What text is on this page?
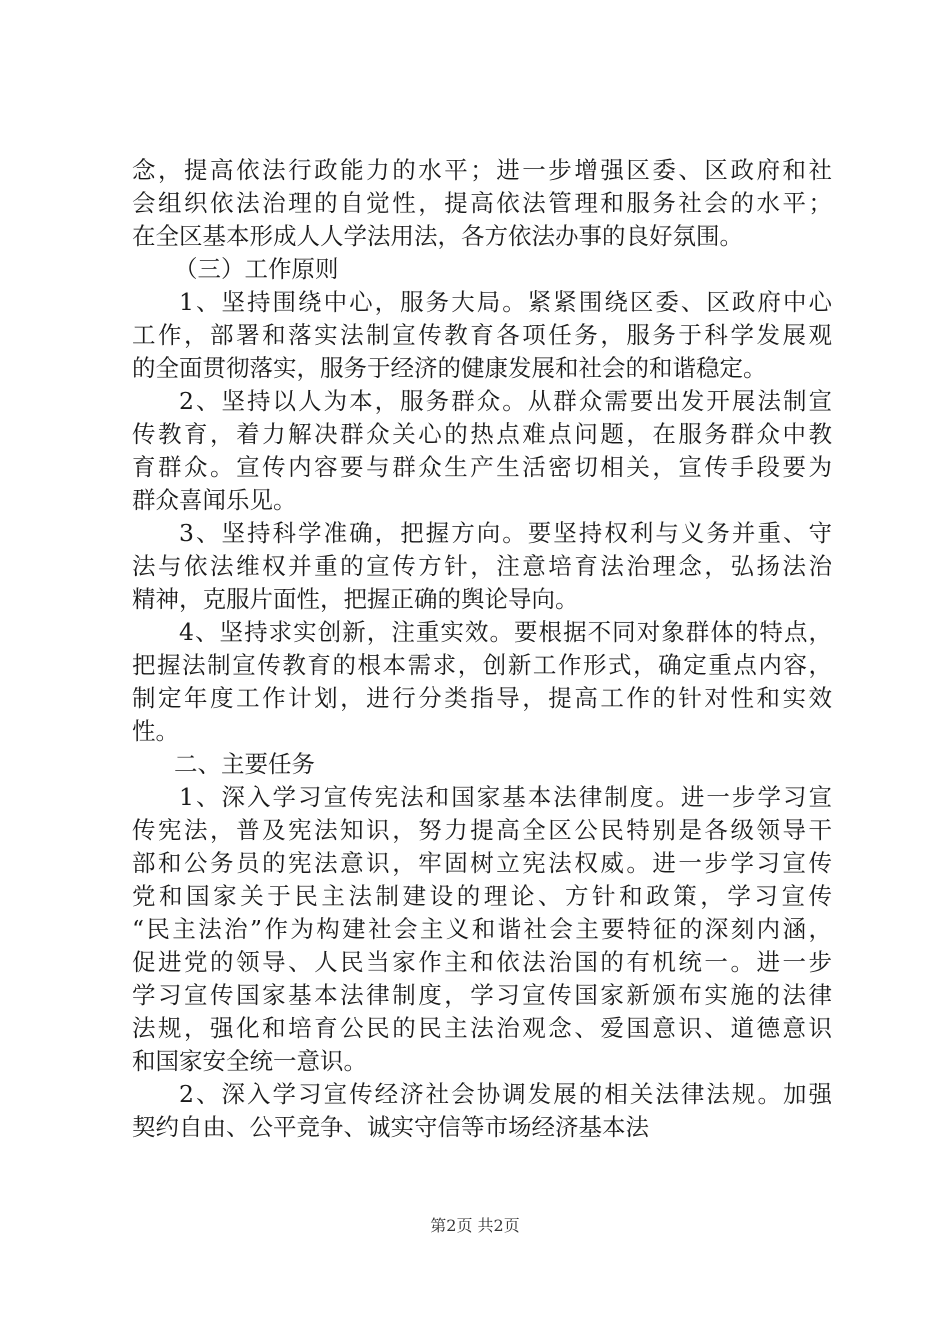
念，提高依法行政能力的水平；进一步增强区委、区政府和社
会组织依法治理的自觉性，提高依法管理和服务社会的水平；
在全区基本形成人人学法用法，各方依法办事的良好氛围。
（三）工作原则
1、坚持围绕中心，服务大局。紧紧围绕区委、区政府中心
工作，部署和落实法制宣传教育各项任务，服务于科学发展观
的全面贯彻落实，服务于经济的健康发展和社会的和谐稳定。
2、坚持以人为本，服务群众。从群众需要出发开展法制宣
传教育，着力解决群众关心的热点难点问题，在服务群众中教
育群众。宣传内容要与群众生产生活密切相关，宣传手段要为
群众喜闻乐见。
3、坚持科学准确，把握方向。要坚持权利与义务并重、守
法与依法维权并重的宣传方针，注意培育法治理念，弘扬法治
精神，克服片面性，把握正确的舆论导向。
4、坚持求实创新，注重实效。要根据不同对象群体的特点，
把握法制宣传教育的根本需求，创新工作形式，确定重点内容，
制定年度工作计划，进行分类指导，提高工作的针对性和实效
性。
二、主要任务
1、深入学习宣传宪法和国家基本法律制度。进一步学习宣
传宪法，普及宪法知识，努力提高全区公民特别是各级领导干
部和公务员的宪法意识，牢固树立宪法权威。进一步学习宣传
党和国家关于民主法制建设的理论、方针和政策，学习宣传
“民主法治”作为构建社会主义和谐社会主要特征的深刻内涵，
促进党的领导、人民当家作主和依法治国的有机统一。进一步
学习宣传国家基本法律制度，学习宣传国家新颁布实施的法律
法规，强化和培育公民的民主法治观念、爱国意识、道德意识
和国家安全统一意识。
2、深入学习宣传经济社会协调发展的相关法律法规。加强
契约自由、公平竞争、诚实守信等市场经济基本法
第2页 共2页
